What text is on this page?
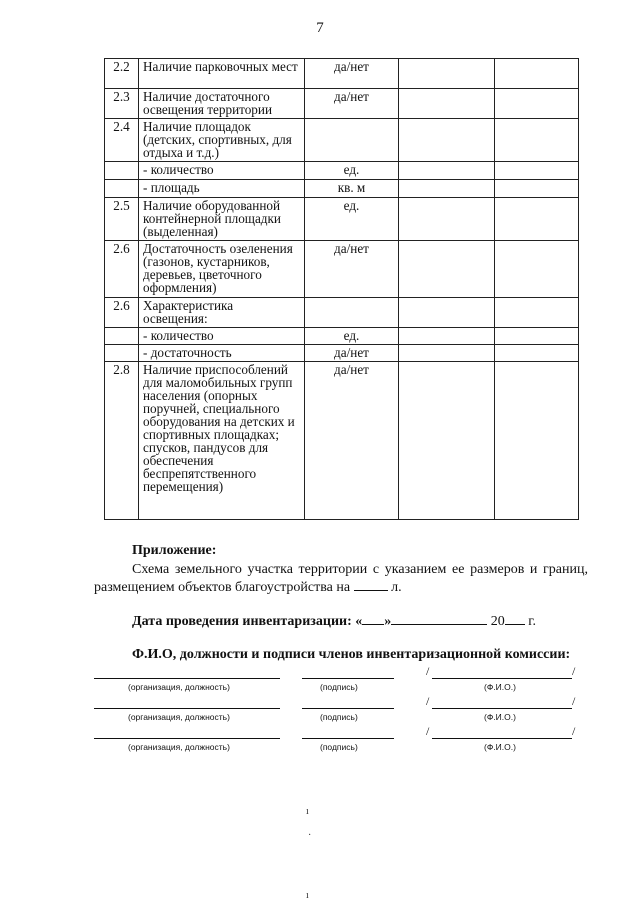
7
2.2	Наличие парковочных мест	да/нет		
2.3	Наличие достаточного освещения территории	да/нет		
2.4	Наличие площадок (детских, спортивных, для отдыха и т.д.)			
	- количество	ед.		
	- площадь	кв. м		
2.5	Наличие оборудованной контейнерной площадки (выделенная)	ед.		
2.6	Достаточность озеленения (газонов, кустарников, деревьев, цветочного оформления)	да/нет		
2.6	Характеристика освещения:			
	- количество	ед.		
	- достаточность	да/нет		
2.8	Наличие приспособлений для маломобильных групп населения (опорных поручней, специального оборудования на детских и спортивных площадках; спусков, пандусов для обеспечения беспрепятственного перемещения)	да/нет		
Приложение:
Схема земельного участка территории с указанием ее размеров и границ, размещением объектов благоустройства на	л.
Дата проведения инвентаризации: « »	20 г.
Ф.И.О, должности и подписи членов инвентаризационной комиссии:
(организация, должность)	(подпись)
/	/
(Ф.И.О.)
(организация, должность)	(подпись)
/	/
(Ф.И.О.)
(организация, должность)	(подпись)
/	/
(Ф.И.О.)
ı
·
ı
